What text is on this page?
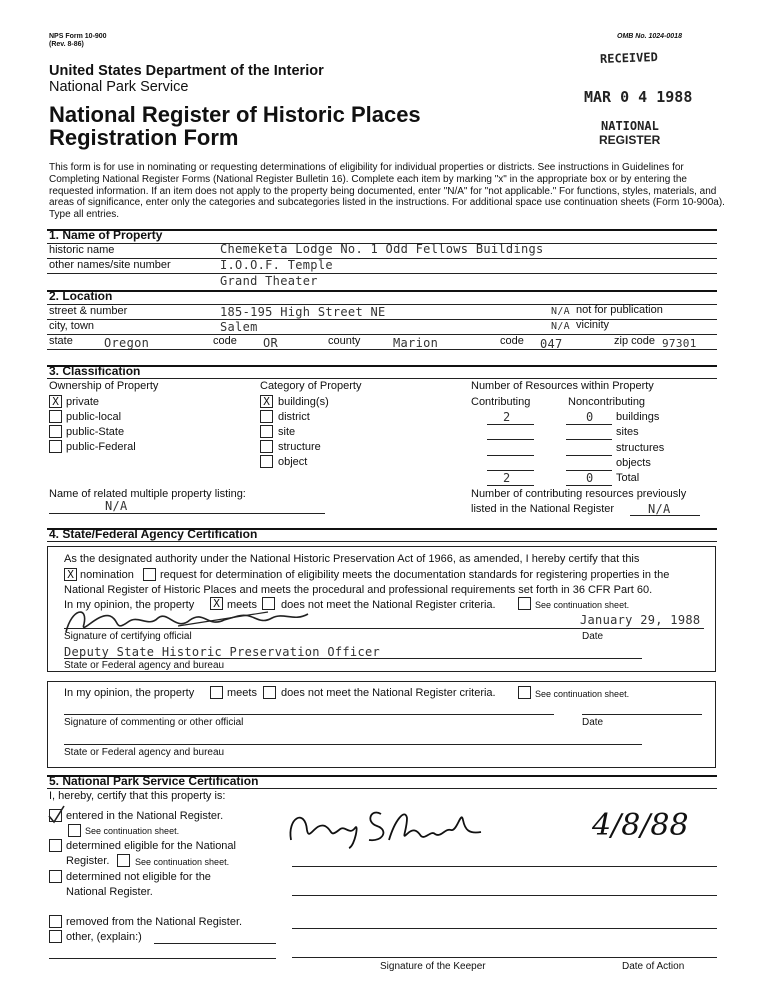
NPS Form 10-900
(Rev. 8-86)
OMB No. 1024-0018
United States Department of the Interior
National Park Service
National Register of Historic Places
Registration Form
RECEIVED
MAR 0 4 1988
NATIONAL
REGISTER
This form is for use in nominating or requesting determinations of eligibility for individual properties or districts. See instructions in Guidelines for Completing National Register Forms (National Register Bulletin 16). Complete each item by marking "x" in the appropriate box or by entering the requested information. If an item does not apply to the property being documented, enter "N/A" for "not applicable." For functions, styles, materials, and areas of significance, enter only the categories and subcategories listed in the instructions. For additional space use continuation sheets (Form 10-900a). Type all entries.
1. Name of Property
historic name	Chemeketa Lodge No. 1 Odd Fellows Buildings
other names/site number	I.O.O.F. Temple
Grand Theater
2. Location
street & number	185-195 High Street NE	N/A not for publication
city, town	Salem	N/A vicinity
state	Oregon	code OR	county	Marion	code 047	zip code 97301
3. Classification
Ownership of Property	Category of Property	Number of Resources within Property
Contributing	Noncontributing
X private
public-local
public-State
public-Federal
X building(s)
district
site
structure
object
2	0 buildings
sites
structures
objects
2	0 Total
Name of related multiple property listing:
N/A
Number of contributing resources previously
listed in the National Register	N/A
4. State/Federal Agency Certification
As the designated authority under the National Historic Preservation Act of 1966, as amended, I hereby certify that this
X nomination request for determination of eligibility meets the documentation standards for registering properties in the
National Register of Historic Places and meets the procedural and professional requirements set forth in 36 CFR Part 60.
In my opinion, the property X meets does not meet the National Register criteria.	See continuation sheet.
January 29, 1988
Signature of certifying official	Date
Deputy State Historic Preservation Officer
State or Federal agency and bureau
In my opinion, the property	meets does not meet the National Register criteria.	See continuation sheet.
Signature of commenting or other official	Date
State or Federal agency and bureau
5. National Park Service Certification
I, hereby, certify that this property is:
entered in the National Register.
See continuation sheet.
determined eligible for the National
Register.	See continuation sheet.
determined not eligible for the
National Register.
removed from the National Register.
other, (explain:)
4/8/88
Signature of the Keeper	Date of Action
